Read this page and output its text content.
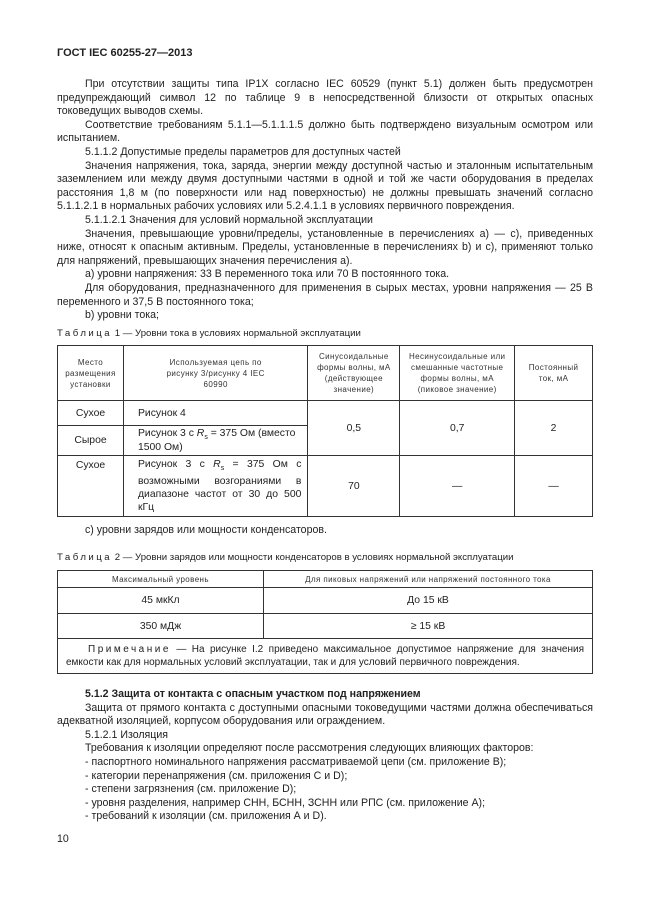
ГОСТ IEC 60255-27—2013

При отсутствии защиты типа IP1X согласно IEC 60529 (пункт 5.1) должен быть предусмотрен предупреждающий символ 12 по таблице 9 в непосредственной близости от открытых опасных токоведущих выводов схемы.

Соответствие требованиям 5.1.1—5.1.1.1.5 должно быть подтверждено визуальным осмотром или испытанием.

5.1.1.2 Допустимые пределы параметров для доступных частей

Значения напряжения, тока, заряда, энергии между доступной частью и эталонным испытательным заземлением или между двумя доступными частями в одной и той же части оборудования в пределах расстояния 1,8 м (по поверхности или над поверхностью) не должны превышать значений согласно 5.1.1.2.1 в нормальных рабочих условиях или 5.2.4.1.1 в условиях первичного повреждения.

5.1.1.2.1 Значения для условий нормальной эксплуатации

Значения, превышающие уровни/пределы, установленные в перечислениях а) — с), приведенных ниже, относят к опасным активным. Пределы, установленные в перечислениях b) и с), применяют только для напряжений, превышающих значения перечисления а).

а) уровни напряжения: 33 В переменного тока или 70 В постоянного тока.

Для оборудования, предназначенного для применения в сырых местах, уровни напряжения — 25 В переменного и 37,5 В постоянного тока;

b) уровни тока;

Таблица 1 — Уровни тока в условиях нормальной эксплуатации

Место размещения установки	Используемая цепь по рисунку 3/рисунку 4 IEC 60990	Синусоидальные формы волны, мА (действующее значение)	Несинусоидальные или смешанные частотные формы волны, мА (пиковое значение)	Постоянный ток, мА
Сухое	Рисунок 4	0,5	0,7	2
Сырое	Рисунок 3 с $R_s = 375$ Ом (вместо 1500 Ом)			
Сухое	Рисунок 3 с $R_s = 375$ Ом с возможными возгораниями в диапазоне частот от 30 до 500 кГц	70	—	—

с) уровни зарядов или мощности конденсаторов.

Таблица 2 — Уровни зарядов или мощности конденсаторов в условиях нормальной эксплуатации

Максимальный уровень	Для пиковых напряжений или напряжений постоянного тока
45 мкКл	До 15 кВ
350 мДж	≥ 15 кВ
Примечание — На рисунке I.2 приведено максимальное допустимое напряжение для значения емкости как для нормальных условий эксплуатации, так и для условий первичного повреждения.	

5.1.2 Защита от контакта с опасным участком под напряжением

Защита от прямого контакта с доступными опасными токоведущими частями должна обеспечиваться адекватной изоляцией, корпусом оборудования или ограждением.

5.1.2.1 Изоляция

Требования к изоляции определяют после рассмотрения следующих влияющих факторов:

- паспортного номинального напряжения рассматриваемой цепи (см. приложение B);

- категории перенапряжения (см. приложения С и D);

- степени загрязнения (см. приложение D);

- уровня разделения, например СНН, БСНН, ЗСНН или РПС (см. приложение А);

- требований к изоляции (см. приложения А и D).

10
